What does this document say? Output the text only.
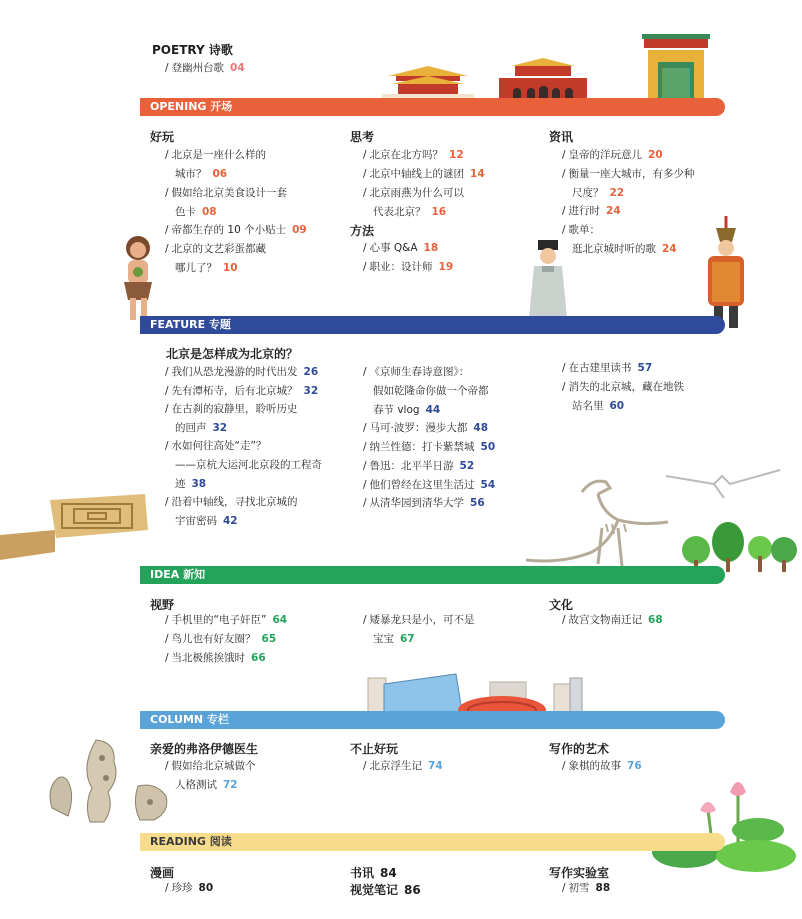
POETRY 诗歌
/ 登幽州台歌 04
OPENING 开场
好玩
/ 北京是一座什么样的
城市？ 06
/ 假如给北京美食设计一套
色卡 08
/ 帝都生存的 10 个小贴士 09
/ 北京的文艺彩蛋都藏
哪儿了？ 10
思考
/ 北京在北方吗？ 12
/ 北京中轴线上的谜团 14
/ 北京雨燕为什么可以
代表北京？ 16
方法
/ 心事 Q&A 18
/ 职业：设计师 19
资讯
/ 皇帝的洋玩意儿 20
/ 衡量一座大城市，有多少种
尺度？ 22
/ 进行时 24
/ 歌单：
逛北京城时听的歌 24
FEATURE 专题
北京是怎样成为北京的？
/ 我们从恐龙漫游的时代出发 26
/ 先有潭柘寺，后有北京城？ 32
/ 在古刹的寂静里，聆听历史
的回声 32
/ 水如何往高处“走”？
——京杭大运河北京段的工程奇
迹 38
/ 沿着中轴线，寻找北京城的
宇宙密码 42
/ 《京师生春诗意图》：
假如乾隆命你做一个帝都
春节 vlog 44
/ 马可·波罗：漫步大都 48
/ 纳兰性德：打卡紫禁城 50
/ 鲁迅：北平半日游 52
/ 他们曾经在这里生活过 54
/ 从清华园到清华大学 56
/ 在古建里读书 57
/ 消失的北京城，藏在地铁
站名里 60
IDEA 新知
视野
/ 手机里的“电子奸臣” 64
/ 鸟儿也有好友圈？ 65
/ 当北极熊挨饿时 66
/ 矮暴龙只是小，可不是
宝宝 67
文化
/ 故宫文物南迁记 68
COLUMN 专栏
亲爱的弗洛伊德医生
/ 假如给北京城做个
人格测试 72
不止好玩
/ 北京浮生记 74
写作的艺术
/ 象棋的故事 76
READING 阅读
漫画
/ 珍珍 80
书讯 84
视觉笔记 86
写作实验室
/ 初雪 88
